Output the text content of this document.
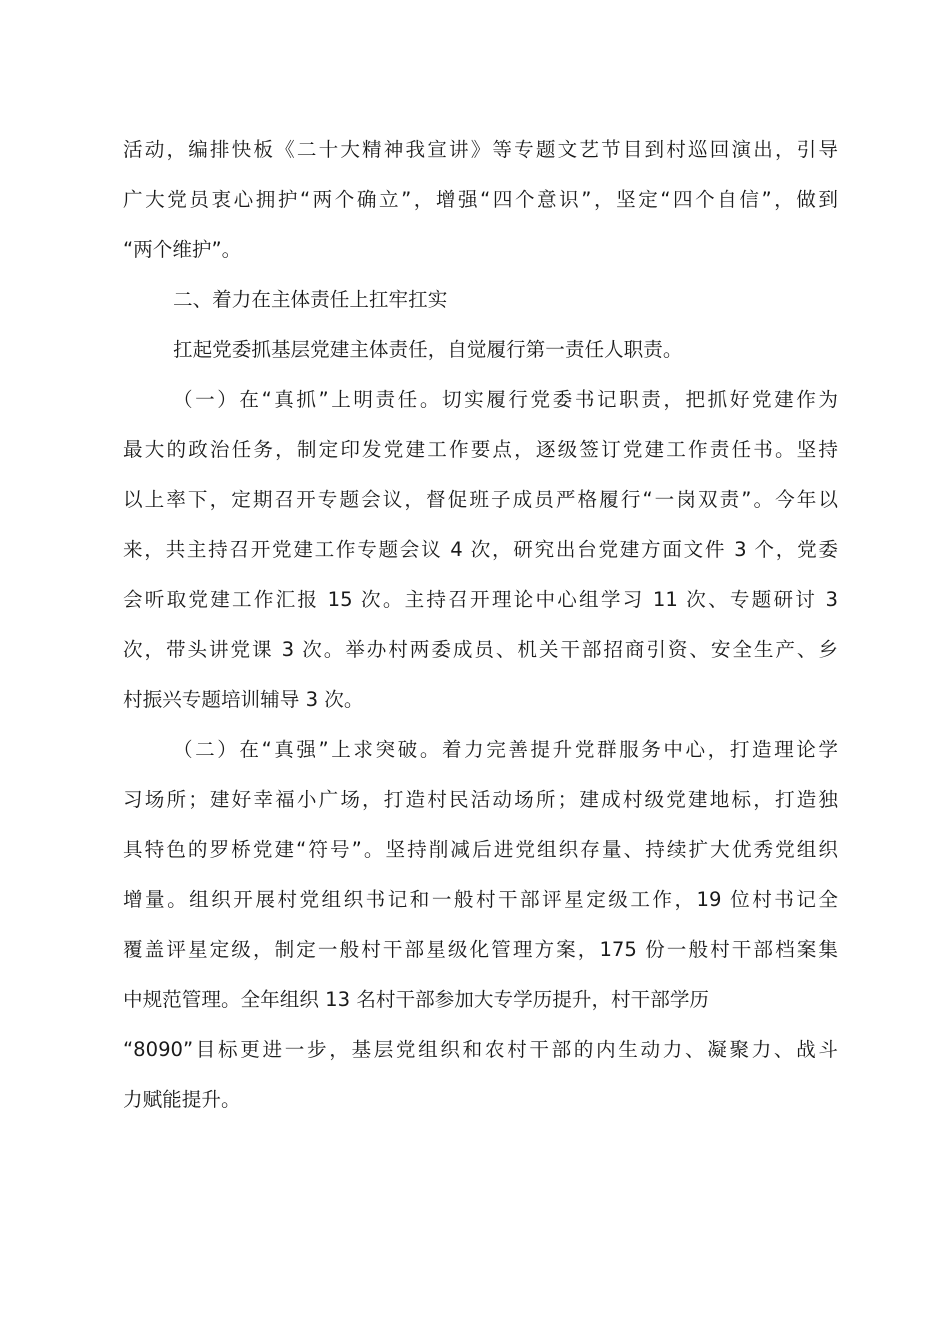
活动，编排快板《二十大精神我宣讲》等专题文艺节目到村巡回演出，引导
广大党员衷心拥护“两个确立”，增强“四个意识”，坚定“四个自信”，做到
“两个维护”。
二、着力在主体责任上扛牢扛实
扛起党委抓基层党建主体责任，自觉履行第一责任人职责。
（一）在“真抓”上明责任。切实履行党委书记职责，把抓好党建作为
最大的政治任务，制定印发党建工作要点，逐级签订党建工作责任书。坚持
以上率下，定期召开专题会议，督促班子成员严格履行“一岗双责”。今年以
来，共主持召开党建工作专题会议 4 次，研究出台党建方面文件 3 个，党委
会听取党建工作汇报 15 次。主持召开理论中心组学习 11 次、专题研讨 3
次，带头讲党课 3 次。举办村两委成员、机关干部招商引资、安全生产、乡
村振兴专题培训辅导 3 次。
（二）在“真强”上求突破。着力完善提升党群服务中心，打造理论学
习场所；建好幸福小广场，打造村民活动场所；建成村级党建地标，打造独
具特色的罗桥党建“符号”。坚持削减后进党组织存量、持续扩大优秀党组织
增量。组织开展村党组织书记和一般村干部评星定级工作，19 位村书记全
覆盖评星定级，制定一般村干部星级化管理方案，175 份一般村干部档案集
中规范管理。全年组织 13 名村干部参加大专学历提升，村干部学历
“8090”目标更进一步，基层党组织和农村干部的内生动力、凝聚力、战斗
力赋能提升。
